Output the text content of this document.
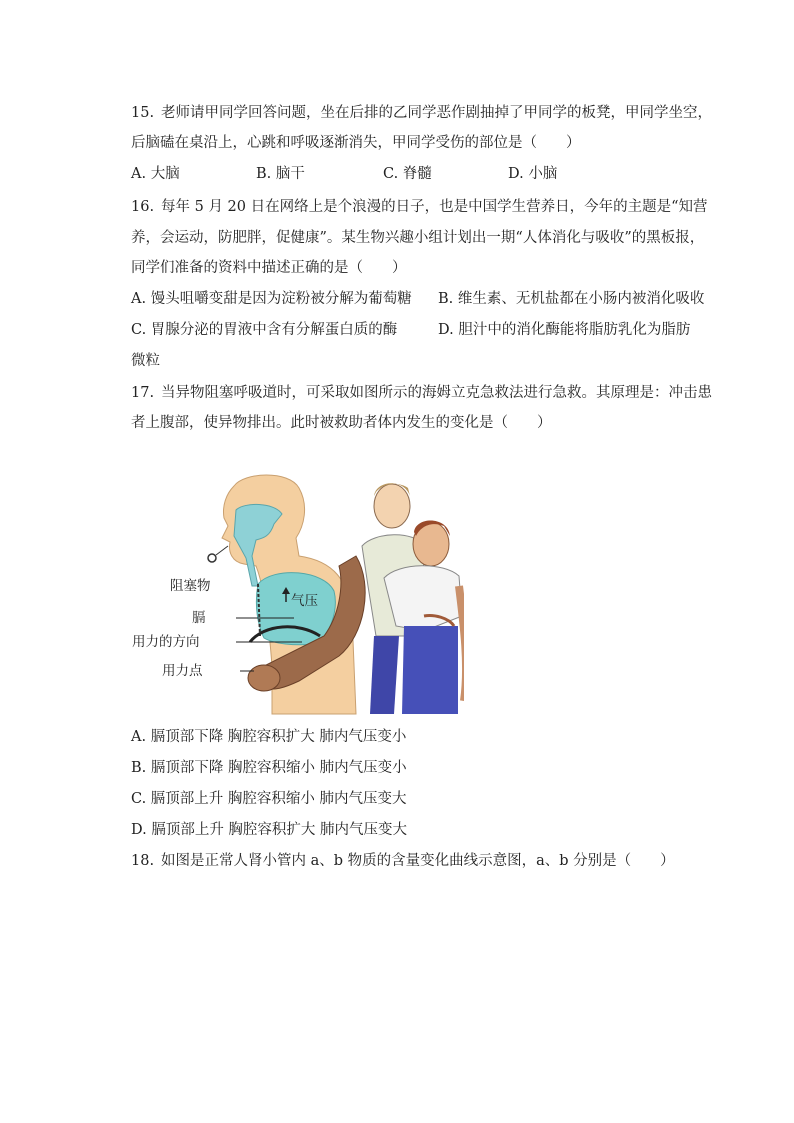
15. 老师请甲同学回答问题，坐在后排的乙同学恶作剧抽掉了甲同学的板凳，甲同学坐空，
后脑磕在桌沿上，心跳和呼吸逐渐消失，甲同学受伤的部位是（　　）
A. 大脑	B. 脑干	C. 脊髓	D. 小脑
16. 每年 5 月 20 日在网络上是个浪漫的日子，也是中国学生营养日，今年的主题是“知营
养，会运动，防肥胖，促健康”。某生物兴趣小组计划出一期“人体消化与吸收”的黑板报，
同学们准备的资料中描述正确的是（　　）
A. 馒头咀嚼变甜是因为淀粉被分解为葡萄糖 B. 维生素、无机盐都在小肠内被消化吸收
C. 胃腺分泌的胃液中含有分解蛋白质的酶	D. 胆汁中的消化酶能将脂肪乳化为脂肪
微粒
17. 当异物阻塞呼吸道时，可采取如图所示的海姆立克急救法进行急救。其原理是：冲击患
者上腹部，使异物排出。此时被救助者体内发生的变化是（　　）
气压
阻塞物
膈
用力的方向
用力点
A. 膈顶部下降 胸腔容积扩大 肺内气压变小
B. 膈顶部下降 胸腔容积缩小 肺内气压变小
C. 膈顶部上升 胸腔容积缩小 肺内气压变大
D. 膈顶部上升 胸腔容积扩大 肺内气压变大
18. 如图是正常人肾小管内 a、b 物质的含量变化曲线示意图，a、b 分别是（　　）
